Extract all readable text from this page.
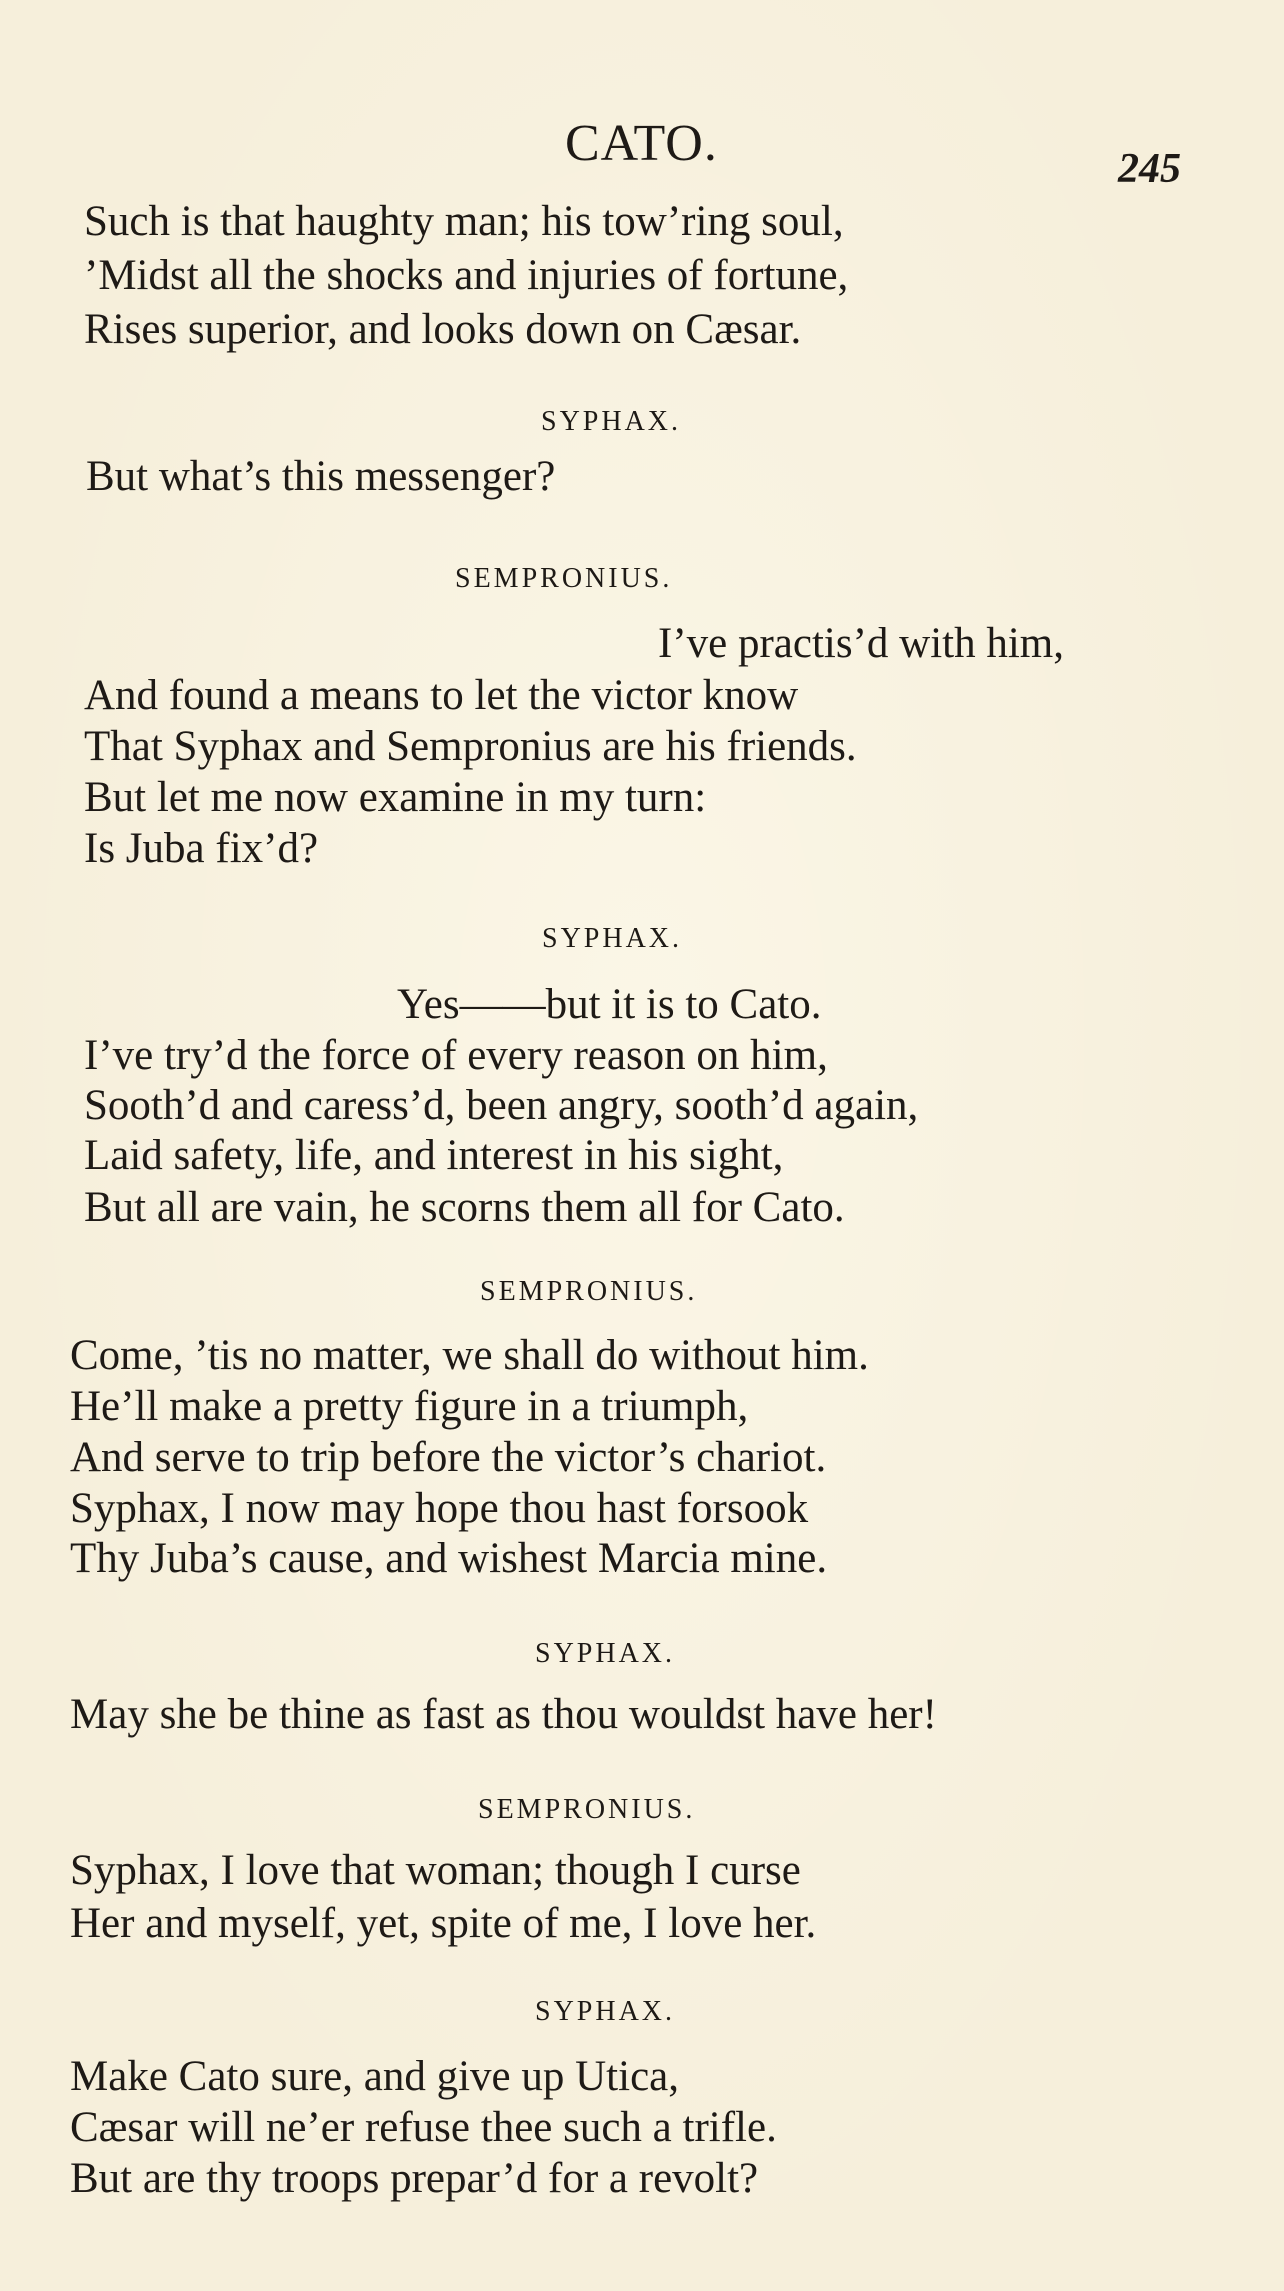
CATO.	245
Such is that haughty man; his tow’ring soul,
’Midst all the shocks and injuries of fortune,
Rises superior, and looks down on Cæsar.
SYPHAX.
But what’s this messenger?
SEMPRONIUS.
I’ve practis’d with him,
And found a means to let the victor know
That Syphax and Sempronius are his friends.
But let me now examine in my turn:
Is Juba fix’d?
SYPHAX.
Yes——but it is to Cato.
I’ve try’d the force of every reason on him,
Sooth’d and caress’d, been angry, sooth’d again,
Laid safety, life, and interest in his sight,
But all are vain, he scorns them all for Cato.
SEMPRONIUS.
Come, ’tis no matter, we shall do without him.
He’ll make a pretty figure in a triumph,
And serve to trip before the victor’s chariot.
Syphax, I now may hope thou hast forsook
Thy Juba’s cause, and wishest Marcia mine.
SYPHAX.
May she be thine as fast as thou wouldst have her!
SEMPRONIUS.
Syphax, I love that woman; though I curse
Her and myself, yet, spite of me, I love her.
SYPHAX.
Make Cato sure, and give up Utica,
Cæsar will ne’er refuse thee such a trifle.
But are thy troops prepar’d for a revolt?
